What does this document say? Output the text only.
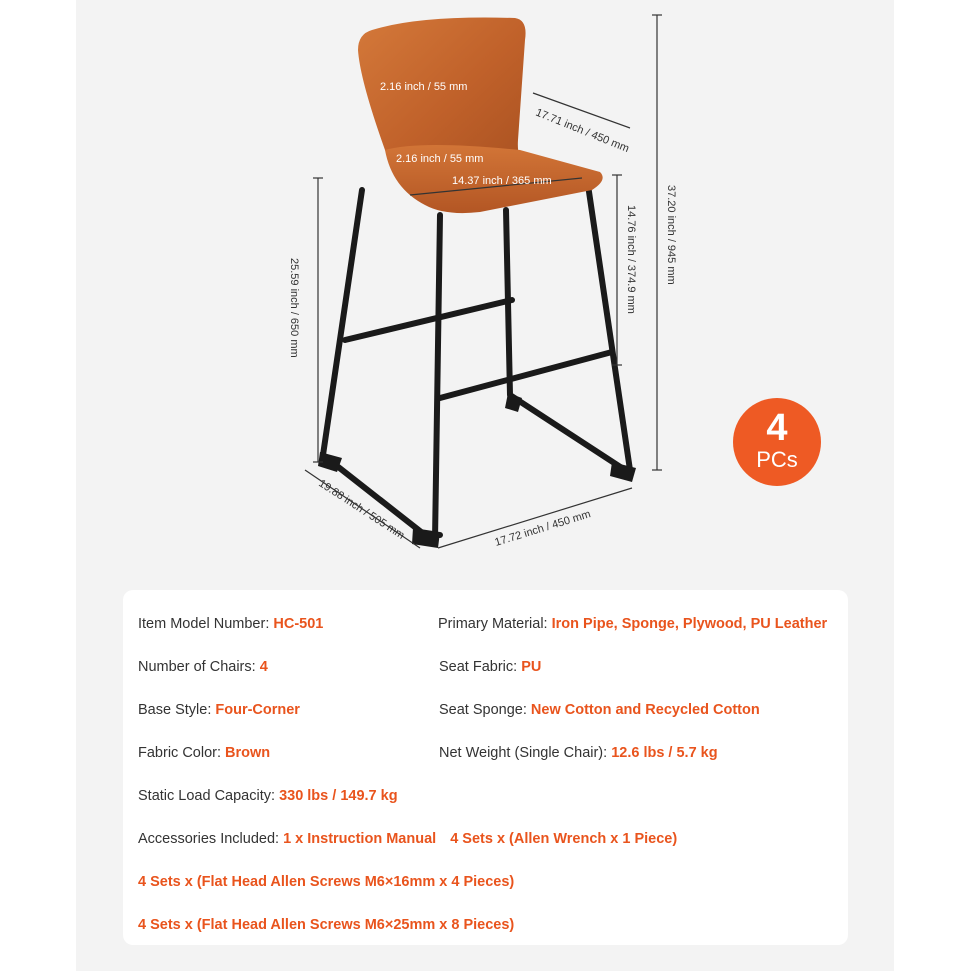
2.16 inch / 55 mm
2.16 inch / 55 mm
14.37 inch / 365 mm
17.71 inch / 450 mm
14.76 inch / 374.9 mm	37.20 inch / 945 mm
25.59 inch / 650 mm
19.88 inch / 505 mm	17.72 inch / 450 mm
4
PCs
Item Model Number: HC-501	Primary Material: Iron Pipe, Sponge, Plywood, PU Leather
Number of Chairs: 4	Seat Fabric: PU
Base Style: Four-Corner	Seat Sponge: New Cotton and Recycled Cotton
Fabric Color: Brown	Net Weight (Single Chair): 12.6 lbs / 5.7 kg
Static Load Capacity: 330 lbs / 149.7 kg
Accessories Included: 1 x Instruction Manual 4 Sets x (Allen Wrench x 1 Piece)
4 Sets x (Flat Head Allen Screws M6×16mm x 4 Pieces)
4 Sets x (Flat Head Allen Screws M6×25mm x 8 Pieces)
